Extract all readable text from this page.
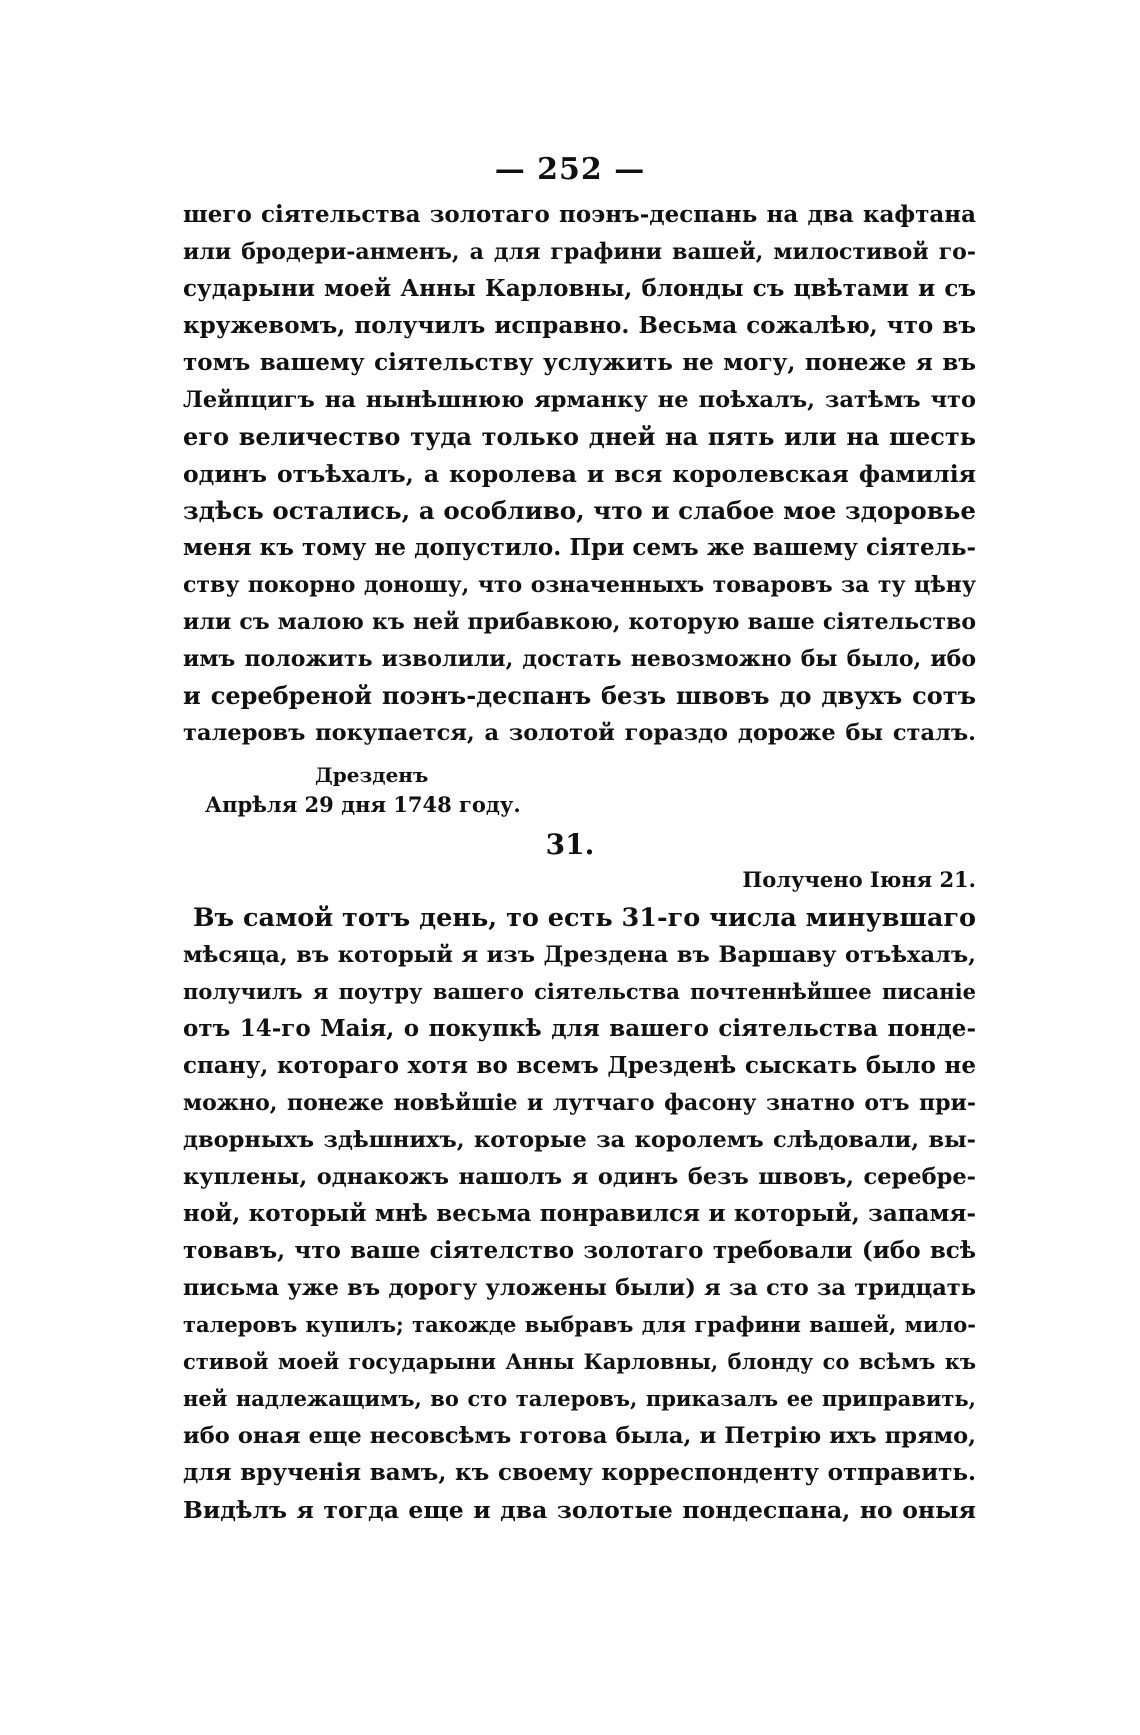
— 252 —
шего сіятельства золотаго поэнъ-деспань на два кафтана
или бродери-анменъ, а для графини вашей, милостивой го-
сударыни моей Анны Карловны, блонды съ цвѣтами и съ
кружевомъ, получилъ исправно. Весьма сожалѣю, что въ
томъ вашему сіятельству услужить не могу, понеже я въ
Лейпцигъ на нынѣшнюю ярманку не поѣхалъ, затѣмъ что
его величество туда только дней на пять или на шесть
одинъ отъѣхалъ, а королева и вся королевская фамилія
здѣсь остались, а особливо, что и слабое мое здоровье
меня къ тому не допустило. При семъ же вашему сіятель-
ству покорно доношу, что означенныхъ товаровъ за ту цѣну
или съ малою къ ней прибавкою, которую ваше сіятельство
имъ положить изволили, достать невозможно бы было, ибо
и серебреной поэнъ-деспанъ безъ швовъ до двухъ сотъ
талеровъ покупается, а золотой гораздо дороже бы сталъ.
Дрезденъ
Апрѣля 29 дня 1748 году.
31.
Получено Іюня 21.
Въ самой тотъ день, то есть 31-го числа минувшаго
мѣсяца, въ который я изъ Дрездена въ Варшаву отъѣхалъ,
получилъ я поутру вашего сіятельства почтеннѣйшее писаніе
отъ 14-го Маія, о покупкѣ для вашего сіятельства понде-
спану, котораго хотя во всемъ Дрезденѣ сыскать было не
можно, понеже новѣйшіе и лутчаго фасону знатно отъ при-
дворныхъ здѣшнихъ, которые за королемъ слѣдовали, вы-
куплены, однакожъ нашолъ я одинъ безъ швовъ, серебре-
ной, который мнѣ весьма понравился и который, запамя-
товавъ, что ваше сіятелство золотаго требовали (ибо всѣ
письма уже въ дорогу уложены были) я за сто за тридцать
талеровъ купилъ; такожде выбравъ для графини вашей, мило-
стивой моей государыни Анны Карловны, блонду со всѣмъ къ
ней надлежащимъ, во сто талеровъ, приказалъ ее приправить,
ибо оная еще несовсѣмъ готова была, и Петрію ихъ прямо,
для врученія вамъ, къ своему корреспонденту отправить.
Видѣлъ я тогда еще и два золотые пондеспана, но оныя
